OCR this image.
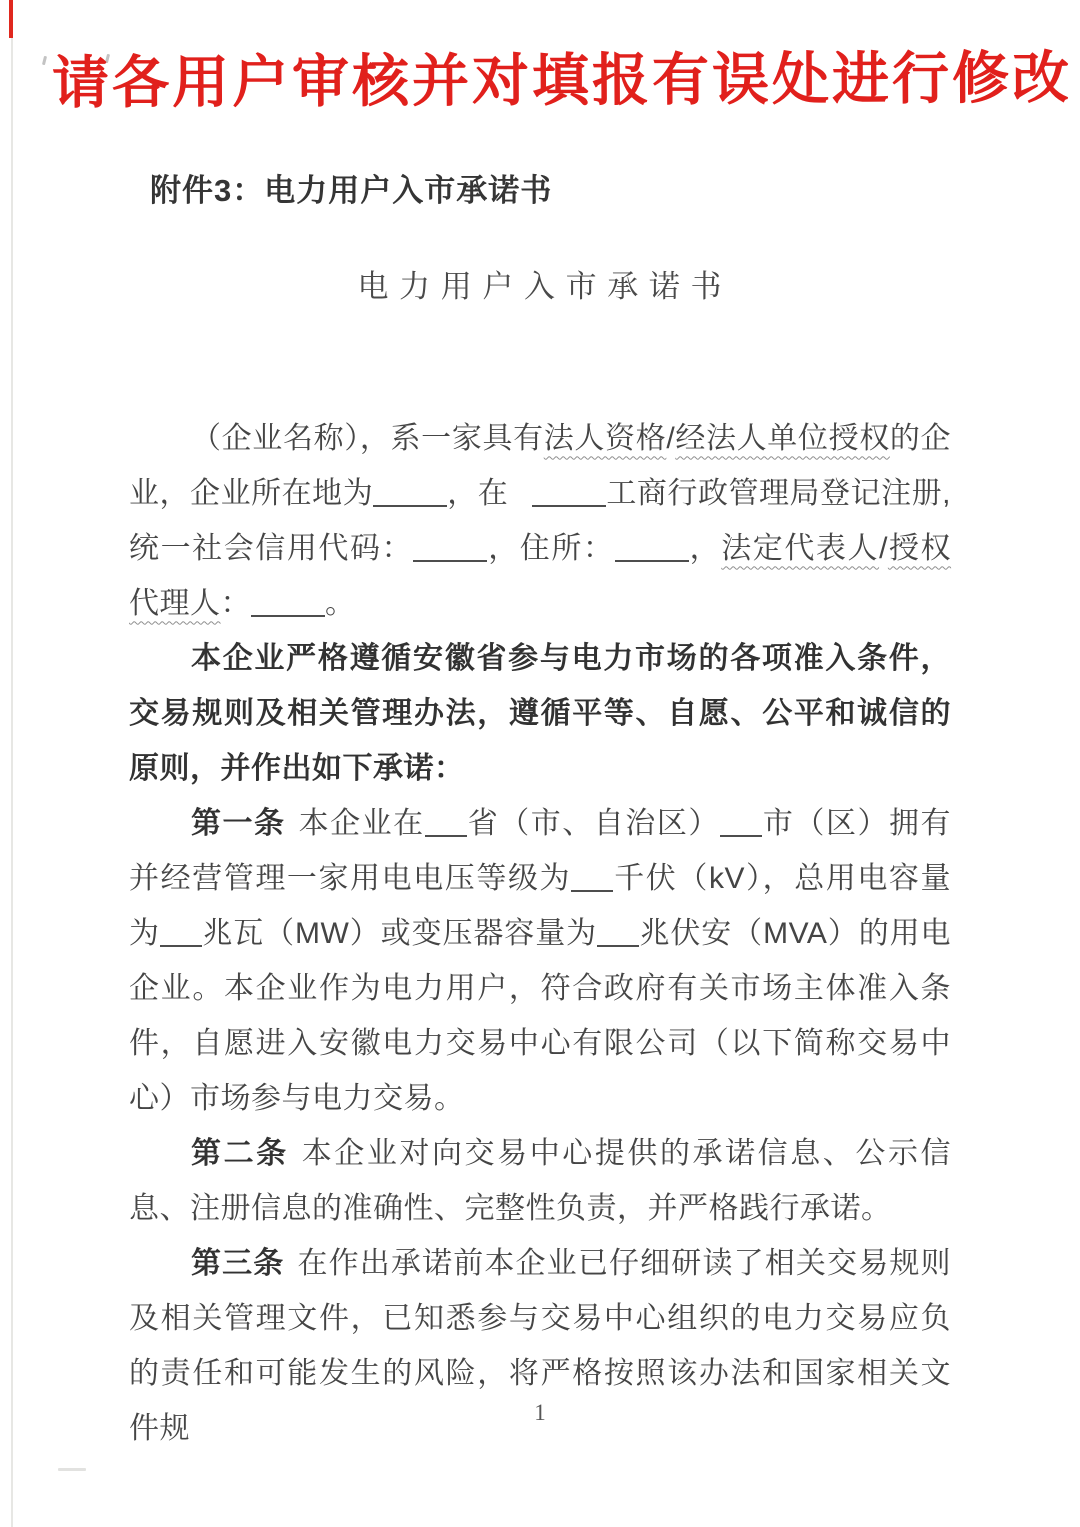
请各用户审核并对填报有误处进行修改
附件3：电力用户入市承诺书
电 力 用 户 入 市 承 诺 书

（企业名称），系一家具有法人资格/经法人单位授权的企业，企业所在地为 ，在	工商行政管理局登记注册,统一社会信用代码： ，住所： ，法定代表人/授权代理人： 。

本企业严格遵循安徽省参与电力市场的各项准入条件，交易规则及相关管理办法，遵循平等、自愿、公平和诚信的原则，并作出如下承诺：

第一条 本企业在 省（市、自治区） 市（区）拥有并经营管理一家用电电压等级为 千伏（kV），总用电容量为 兆瓦（MW）或变压器容量为 兆伏安（MVA）的用电企业。本企业作为电力用户，符合政府有关市场主体准入条件，自愿进入安徽电力交易中心有限公司（以下简称交易中心）市场参与电力交易。

第二条 本企业对向交易中心提供的承诺信息、公示信息、注册信息的准确性、完整性负责，并严格践行承诺。

第三条 在作出承诺前本企业已仔细研读了相关交易规则及相关管理文件，已知悉参与交易中心组织的电力交易应负的责任和可能发生的风险，将严格按照该办法和国家相关文件规	1
